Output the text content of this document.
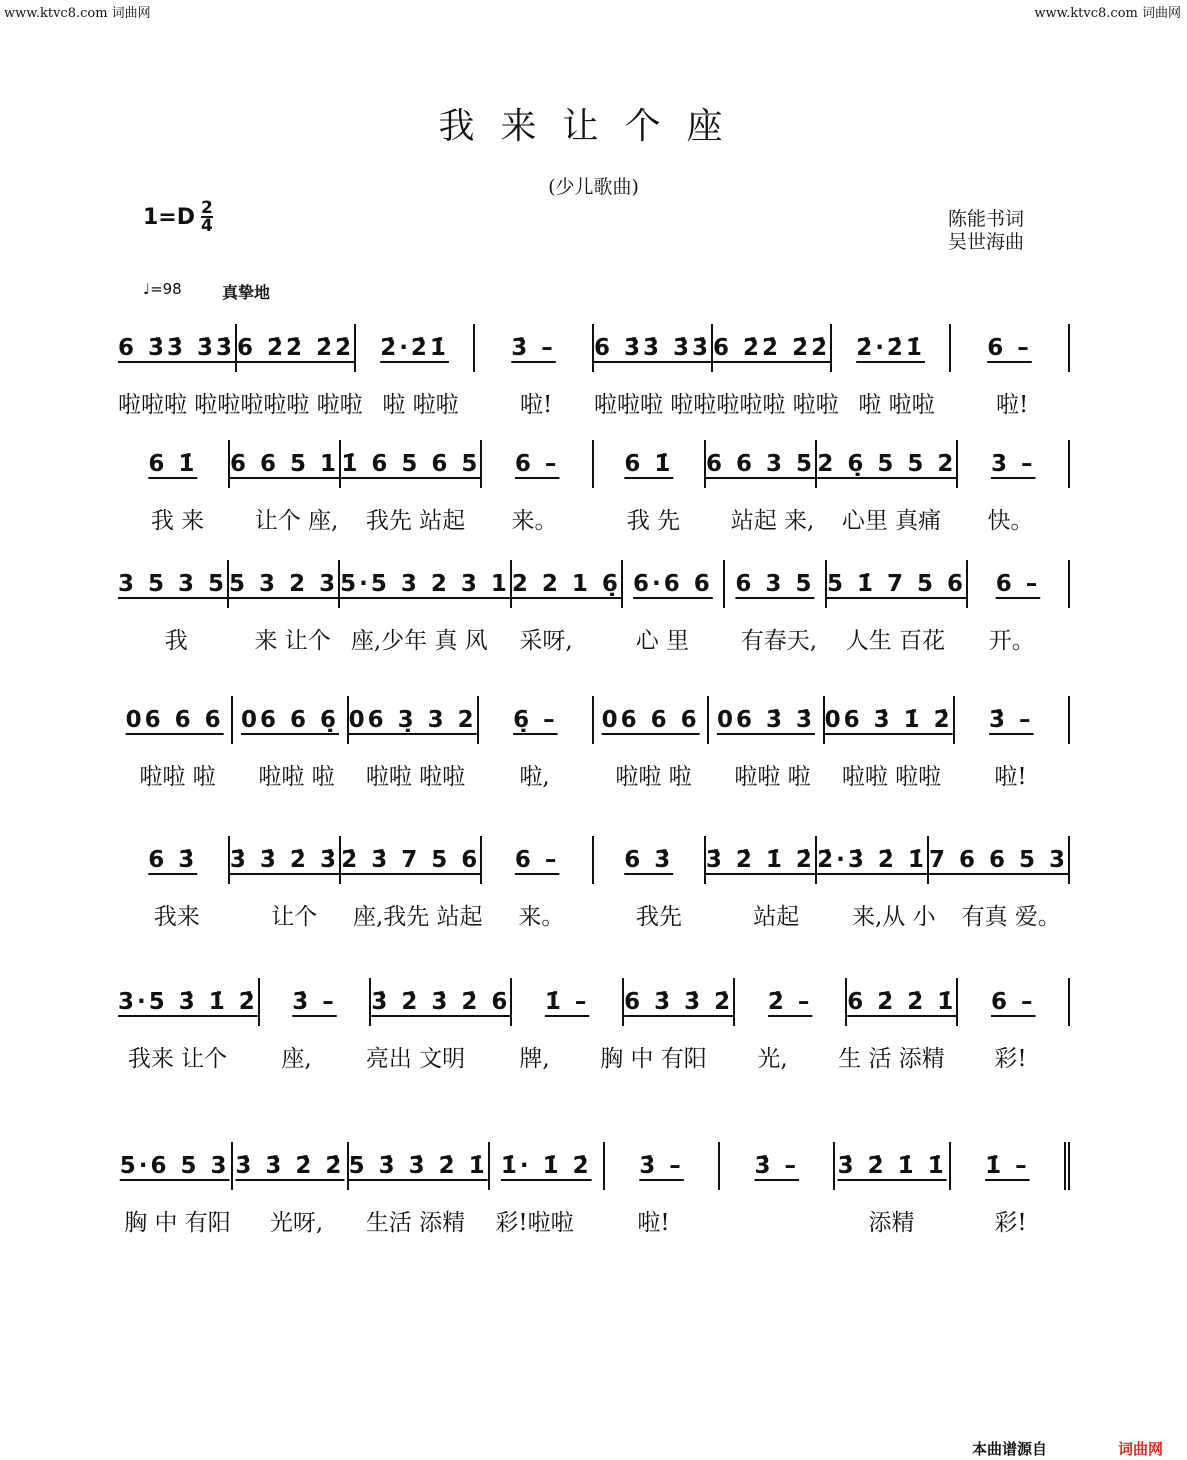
www.ktvc8.com 词曲网	www.ktvc8.com 词曲网
我来让个座
(少儿歌曲)
$1=D \frac{2}{4}$	陈能书词
吴世海曲
♩=98	真挚地
6 3̇3̇ 3̇3̇ 6 2̇2̇ 2̇2̇	2̇·2̇1̇	3̇ –	6 3̇3̇ 3̇3̇ 6 2̇2̇ 2̇2̇	2̇·2̇1̇	6 –
啦啦啦 啦啦 啦啦啦 啦啦 啦 啦啦	啦!	啦啦啦 啦啦 啦啦啦 啦啦 啦 啦啦	啦!
6 1̇	6 6 5 1 1̇ 6 5 6 5	6 –	6 1̇	6 6 3 5 2 6̣ 5 5 2	3 –
我 来	让个 座,	我先 站起	来。	我 先	站起 来,	心里 真痛	快。
3 5 3 5 5 3 2 3 5·5 3 2 3 1 2 2 1 6̣ 6·6 6 6 3 5 5 1̇ 7 5 6	6 –
我	来 让个 座,少年 真 风	采呀,	心 里	有春天,	人生 百花	开。
06 6 6 06 6 6̣ 06 3̣ 3 2	6̣ –	06 6 6 06 3̇ 3̇ 06 3̇ 1̇ 2̇	3̇ –
啦啦 啦	啦啦 啦	啦啦 啦啦	啦,	啦啦 啦	啦啦 啦	啦啦 啦啦	啦!
6 3̇	3̇ 3̇ 2̇ 3̇ 2̇ 3̇ 7 5 6	6 –	6 3̇	3̇ 2̇ 1̇ 2̇ 2̇·3̇ 2̇ 1̇ 7 6 6 5 3
我来	让个	座,我先 站起	来。	我先	站起	来,从 小	有真 爱。
3·5 3̇ 1̇ 2̇	3̇ –	3̇ 2̇ 3̇ 2̇ 6	1̇ –	6 3̇ 3̇ 2̇	2̇ –	6 2̇ 2̇ 1̇	6 –
我来 让个	座,	亮出 文明	牌,	胸 中 有阳	光,	生 活 添精	彩!
5·6 5 3 3̇ 3̇ 2̇ 2̇ 5 3̇ 3̇ 2̇ 1̇ 1̇· 1̇ 2̇	3̇ –	3̇ –	3̇ 2̇ 1̇ 1̇	1̇ –
胸 中 有阳	光呀,	生活 添精	彩!啦啦	啦!	添精	彩!
本曲谱源自	词曲网
